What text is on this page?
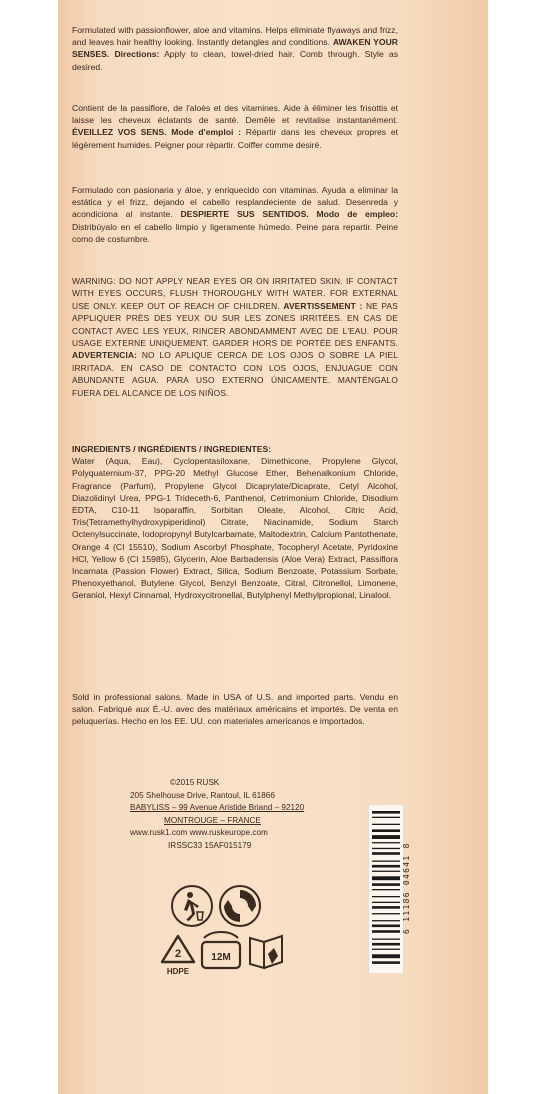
Formulated with passionflower, aloe and vitamins. Helps eliminate flyaways and frizz, and leaves hair healthy looking. Instantly detangles and conditions. AWAKEN YOUR SENSES. Directions: Apply to clean, towel-dried hair. Comb through. Style as desired.
Contient de la passiflore, de l'aloès et des vitamines. Aide à éliminer les frisottis et laisse les cheveux éclatants de santé. Demêle et revitalise instantanément. ÉVEILLEZ VOS SENS. Mode d'emploi : Répartir dans les cheveux propres et légèrement humides. Peigner pour répartir. Coiffer comme desiré.
Formulado con pasionaria y áloe, y enriquecido con vitaminas. Ayuda a eliminar la estática y el frizz, dejando el cabello resplandeciente de salud. Desenreda y acondiciona al instante. DESPIERTE SUS SENTIDOS. Modo de empleo: Distribúyalo en el cabello limpio y ligeramente húmedo. Peine para repartir. Peine como de costumbre.
WARNING: DO NOT APPLY NEAR EYES OR ON IRRITATED SKIN. IF CONTACT WITH EYES OCCURS, FLUSH THOROUGHLY WITH WATER. FOR EXTERNAL USE ONLY. KEEP OUT OF REACH OF CHILDREN. AVERTISSEMENT : NE PAS APPLIQUER PRÈS DES YEUX OU SUR LES ZONES IRRITÉES. EN CAS DE CONTACT AVEC LES YEUX, RINCER ABONDAMMENT AVEC DE L'EAU. POUR USAGE EXTERNE UNIQUEMENT. GARDER HORS DE PORTÉE DES ENFANTS. ADVERTENCIA: NO LO APLIQUE CERCA DE LOS OJOS O SOBRE LA PIEL IRRITADA. EN CASO DE CONTACTO CON LOS OJOS, ENJUAGUE CON ABUNDANTE AGUA. PARA USO EXTERNO ÚNICAMENTE. MANTÉNGALO FUERA DEL ALCANCE DE LOS NIÑOS.
INGREDIENTS / INGRÉDIENTS / INGREDIENTES:
Water (Aqua, Eau), Cyclopentasiloxane, Dimethicone, Propylene Glycol, Polyquaternium-37, PPG-20 Methyl Glucose Ether, Behenalkonium Chloride, Fragrance (Parfum), Propylene Glycol Dicaprylate/Dicaprate, Cetyl Alcohol, Diazolidinyl Urea, PPG-1 Trideceth-6, Panthenol, Cetrimonium Chloride, Disodium EDTA, C10-11 Isoparaffin, Sorbitan Oleate, Alcohol, Citric Acid, Tris(Tetramethylhydroxypiperidinol) Citrate, Niacinamide, Sodium Starch Octenylsuccinate, Iodopropynyl Butylcarbamate, Maltodextrin, Calcium Pantothenate, Orange 4 (CI 15510), Sodium Ascorbyl Phosphate, Tocopheryl Acetate, Pyridoxine HCl, Yellow 6 (CI 15985), Glycerin, Aloe Barbadensis (Aloe Vera) Extract, Passiflora Incarnata (Passion Flower) Extract, Silica, Sodium Benzoate, Potassium Sorbate, Phenoxyethanol, Butylene Glycol, Benzyl Benzoate, Citral, Citronellol, Limonene, Geraniol, Hexyl Cinnamal, Hydroxycitronellal, Butylphenyl Methylpropional, Linalool.
Sold in professional salons. Made in USA of U.S. and imported parts. Vendu en salon. Fabriqué aux É.-U. avec des matériaux américains et importés. De venta en peluquerías. Hecho en los EE. UU. con materiales americanos e importados.
©2015 RUSK
205 Shelhouse Drive, Rantoul, IL 61866
BABYLISS – 99 Avenue Aristide Briand – 92120
MONTROUGE – FRANCE
www.rusk1.com www.ruskeurope.com
IRSSC33 15AF015179	6 11186 04641 8
2
HDPE
12M
